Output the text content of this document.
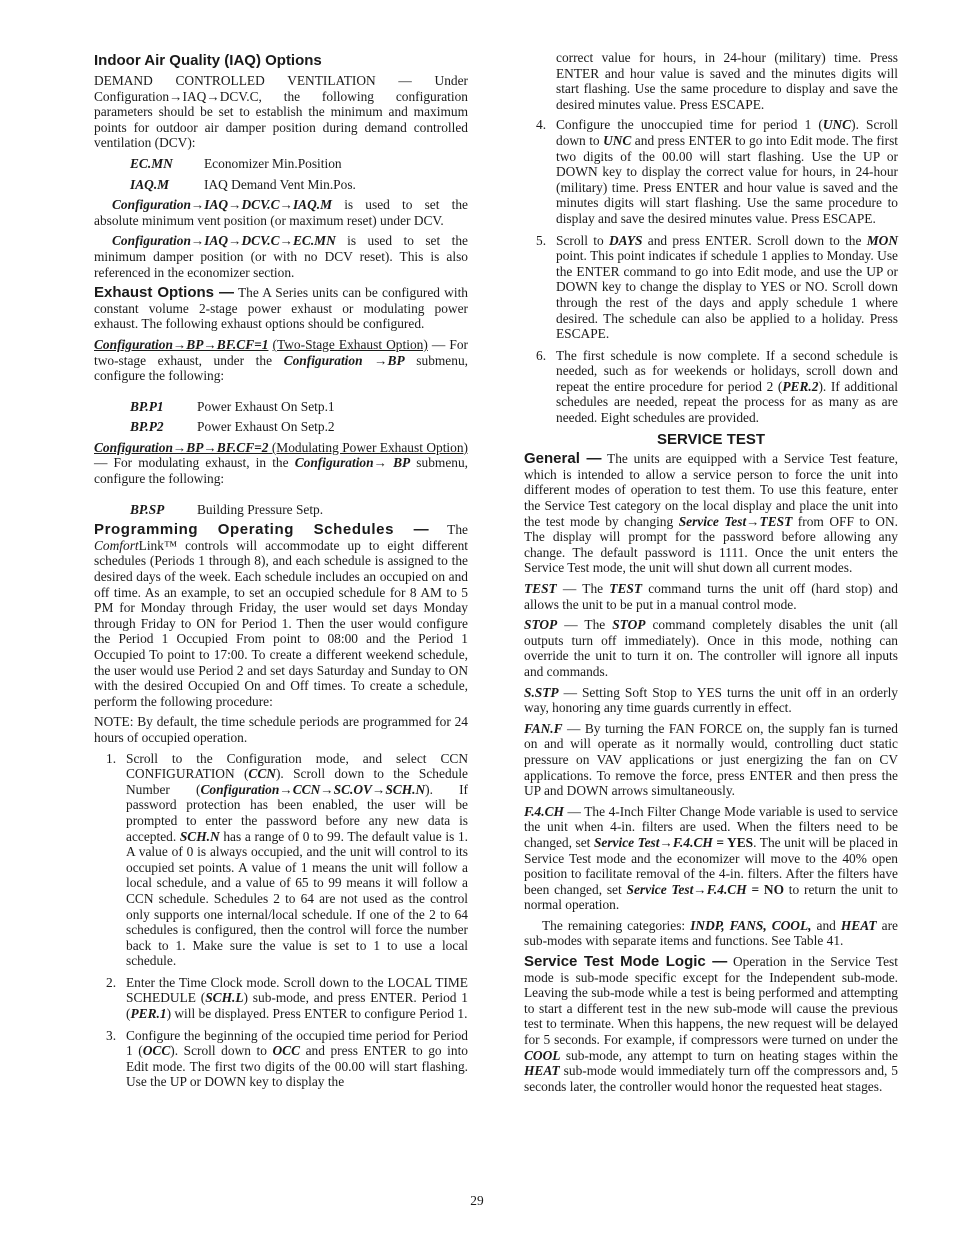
Indoor Air Quality (IAQ) Options

DEMAND CONTROLLED VENTILATION — Under Configuration→IAQ→DCV.C, the following configuration parameters should be set to establish the minimum and maximum points for outdoor air damper position during demand controlled ventilation (DCV):

EC.MN	Economizer Min.Position
IAQ.M	IAQ Demand Vent Min.Pos.

Configuration→IAQ→DCV.C→IAQ.M is used to set the absolute minimum vent position (or maximum reset) under DCV.

Configuration→IAQ→DCV.C→EC.MN is used to set the minimum damper position (or with no DCV reset). This is also referenced in the economizer section.

Exhaust Options — The A Series units can be configured with constant volume 2-stage power exhaust or modulating power exhaust. The following exhaust options should be configured.

Configuration→BP→BF.CF=1 (Two-Stage Exhaust Option) — For two-stage exhaust, under the Configuration →BP submenu, configure the following:

BP.P1	Power Exhaust On Setp.1
BP.P2	Power Exhaust On Setp.2

Configuration→BP→BF.CF=2 (Modulating Power Exhaust Option) — For modulating exhaust, in the Configuration→ BP submenu, configure the following:

BP.SP	Building Pressure Setp.

Programming Operating Schedules — The ComfortLink™ controls will accommodate up to eight different schedules (Periods 1 through 8), and each schedule is assigned to the desired days of the week. Each schedule includes an occupied on and off time. As an example, to set an occupied schedule for 8 AM to 5 PM for Monday through Friday, the user would set days Monday through Friday to ON for Period 1. Then the user would configure the Period 1 Occupied From point to 08:00 and the Period 1 Occupied To point to 17:00. To create a different weekend schedule, the user would use Period 2 and set days Saturday and Sunday to ON with the desired Occupied On and Off times. To create a schedule, perform the following procedure:

NOTE: By default, the time schedule periods are programmed for 24 hours of occupied operation.

1. Scroll to the Configuration mode, and select CCN CONFIGURATION (CCN). Scroll down to the Schedule Number (Configuration→CCN→SC.OV→SCH.N). If password protection has been enabled, the user will be prompted to enter the password before any new data is accepted. SCH.N has a range of 0 to 99. The default value is 1. A value of 0 is always occupied, and the unit will control to its occupied set points. A value of 1 means the unit will follow a local schedule, and a value of 65 to 99 means it will follow a CCN schedule. Schedules 2 to 64 are not used as the control only supports one internal/local schedule. If one of the 2 to 64 schedules is configured, then the control will force the number back to 1. Make sure the value is set to 1 to use a local schedule.
2. Enter the Time Clock mode. Scroll down to the LOCAL TIME SCHEDULE (SCH.L) sub-mode, and press ENTER. Period 1 (PER.1) will be displayed. Press ENTER to configure Period 1.
3. Configure the beginning of the occupied time period for Period 1 (OCC). Scroll down to OCC and press ENTER to go into Edit mode. The first two digits of the 00.00 will start flashing. Use the UP or DOWN key to display the

correct value for hours, in 24-hour (military) time. Press ENTER and hour value is saved and the minutes digits will start flashing. Use the same procedure to display and save the desired minutes value. Press ESCAPE.

4. Configure the unoccupied time for period 1 (UNC). Scroll down to UNC and press ENTER to go into Edit mode. The first two digits of the 00.00 will start flashing. Use the UP or DOWN key to display the correct value for hours, in 24-hour (military) time. Press ENTER and hour value is saved and the minutes digits will start flashing. Use the same procedure to display and save the desired minutes value. Press ESCAPE.
5. Scroll to DAYS and press ENTER. Scroll down to the MON point. This point indicates if schedule 1 applies to Monday. Use the ENTER command to go into Edit mode, and use the UP or DOWN key to change the display to YES or NO. Scroll down through the rest of the days and apply schedule 1 where desired. The schedule can also be applied to a holiday. Press ESCAPE.
6. The first schedule is now complete. If a second schedule is needed, such as for weekends or holidays, scroll down and repeat the entire procedure for period 2 (PER.2). If additional schedules are needed, repeat the process for as many as are needed. Eight schedules are provided.
SERVICE TEST

General — The units are equipped with a Service Test feature, which is intended to allow a service person to force the unit into different modes of operation to test them. To use this feature, enter the Service Test category on the local display and place the unit into the test mode by changing Service Test→TEST from OFF to ON. The display will prompt for the password before allowing any change. The default password is 1111. Once the unit enters the Service Test mode, the unit will shut down all current modes.

TEST — The TEST command turns the unit off (hard stop) and allows the unit to be put in a manual control mode.

STOP — The STOP command completely disables the unit (all outputs turn off immediately). Once in this mode, nothing can override the unit to turn it on. The controller will ignore all inputs and commands.

S.STP — Setting Soft Stop to YES turns the unit off in an orderly way, honoring any time guards currently in effect.

FAN.F — By turning the FAN FORCE on, the supply fan is turned on and will operate as it normally would, controlling duct static pressure on VAV applications or just energizing the fan on CV applications. To remove the force, press ENTER and then press the UP and DOWN arrows simultaneously.

F.4.CH — The 4-Inch Filter Change Mode variable is used to service the unit when 4-in. filters are used. When the filters need to be changed, set Service Test→F.4.CH = YES. The unit will be placed in Service Test mode and the economizer will move to the 40% open position to facilitate removal of the 4-in. filters. After the filters have been changed, set Service Test→F.4.CH = NO to return the unit to normal operation.

The remaining categories: INDP, FANS, COOL, and HEAT are sub-modes with separate items and functions. See Table 41.

Service Test Mode Logic — Operation in the Service Test mode is sub-mode specific except for the Independent sub-mode. Leaving the sub-mode while a test is being performed and attempting to start a different test in the new sub-mode will cause the previous test to terminate. When this happens, the new request will be delayed for 5 seconds. For example, if compressors were turned on under the COOL sub-mode, any attempt to turn on heating stages within the HEAT sub-mode would immediately turn off the compressors and, 5 seconds later, the controller would honor the requested heat stages.

29
